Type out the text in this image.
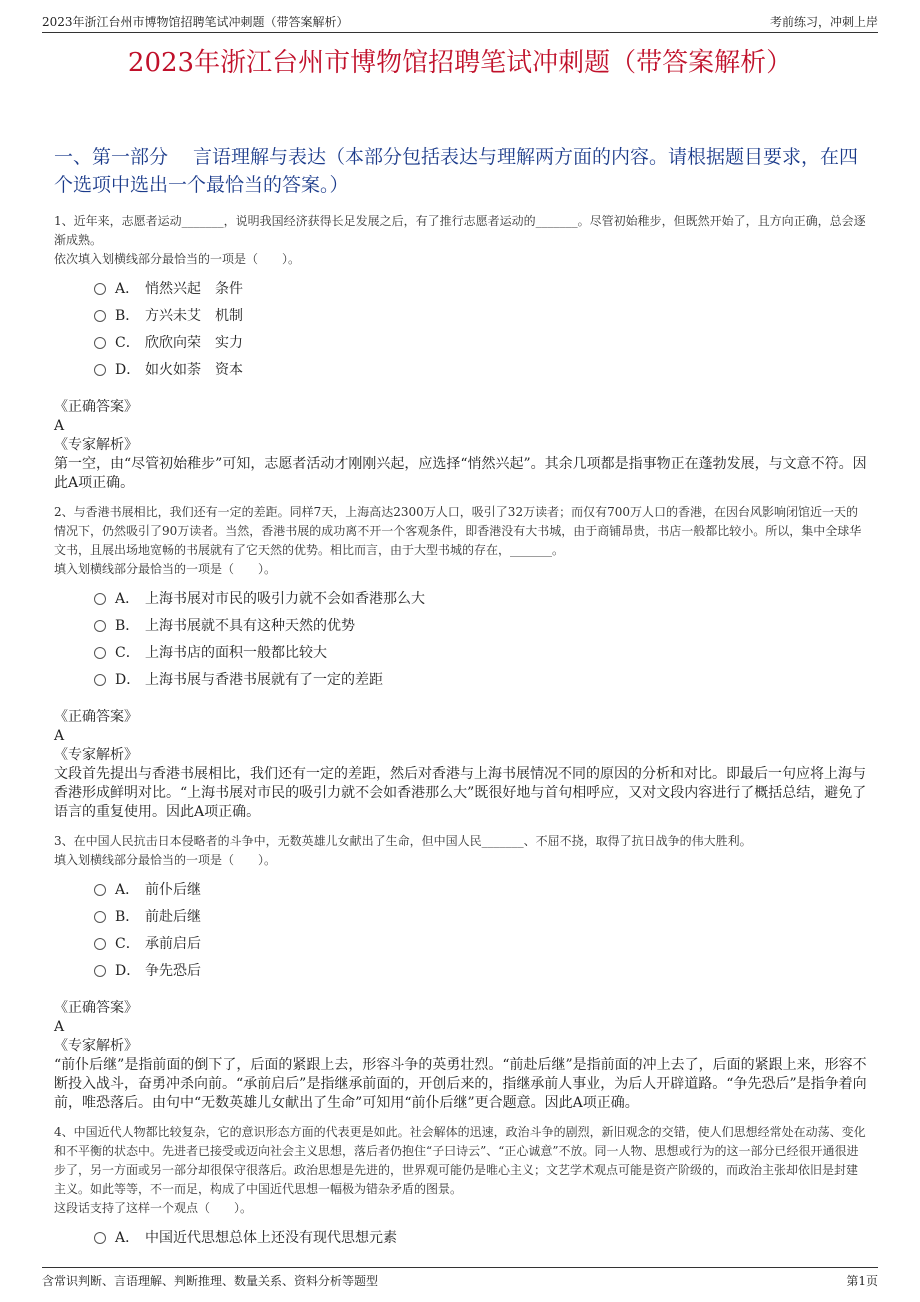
2023年浙江台州市博物馆招聘笔试冲刺题（带答案解析）	考前练习，冲刺上岸
2023年浙江台州市博物馆招聘笔试冲刺题（带答案解析）
一、第一部分　 言语理解与表达（本部分包括表达与理解两方面的内容。请根据题目要求，在四个选项中选出一个最恰当的答案。）
1、近年来，志愿者运动_______，说明我国经济获得长足发展之后，有了推行志愿者运动的_______。尽管初始稚步，但既然开始了，且方向正确，总会逐渐成熟。
依次填入划横线部分最恰当的一项是（　　）。
A． 悄然兴起　条件
B． 方兴未艾　机制
C． 欣欣向荣　实力
D． 如火如荼　资本
《正确答案》
A
《专家解析》
第一空，由“尽管初始稚步”可知，志愿者活动才刚刚兴起，应选择“悄然兴起”。其余几项都是指事物正在蓬勃发展，与文意不符。因此A项正确。
2、与香港书展相比，我们还有一定的差距。同样7天，上海高达2300万人口，吸引了32万读者；而仅有700万人口的香港，在因台风影响闭馆近一天的情况下，仍然吸引了90万读者。当然，香港书展的成功离不开一个客观条件，即香港没有大书城，由于商铺昂贵，书店一般都比较小。所以，集中全球华文书，且展出场地宽畅的书展就有了它天然的优势。相比而言，由于大型书城的存在，_______。
填入划横线部分最恰当的一项是（　　）。
A． 上海书展对市民的吸引力就不会如香港那么大
B． 上海书展就不具有这种天然的优势
C． 上海书店的面积一般都比较大
D． 上海书展与香港书展就有了一定的差距
《正确答案》
A
《专家解析》
文段首先提出与香港书展相比，我们还有一定的差距，然后对香港与上海书展情况不同的原因的分析和对比。即最后一句应将上海与香港形成鲜明对比。“上海书展对市民的吸引力就不会如香港那么大”既很好地与首句相呼应，又对文段内容进行了概括总结，避免了语言的重复使用。因此A项正确。
3、在中国人民抗击日本侵略者的斗争中，无数英雄儿女献出了生命，但中国人民_______、不屈不挠，取得了抗日战争的伟大胜利。
填入划横线部分最恰当的一项是（　　）。
A． 前仆后继
B． 前赴后继
C． 承前启后
D． 争先恐后
《正确答案》
A
《专家解析》
“前仆后继”是指前面的倒下了，后面的紧跟上去，形容斗争的英勇壮烈。“前赴后继”是指前面的冲上去了，后面的紧跟上来，形容不断投入战斗，奋勇冲杀向前。“承前启后”是指继承前面的，开创后来的，指继承前人事业，为后人开辟道路。“争先恐后”是指争着向前，唯恐落后。由句中“无数英雄儿女献出了生命”可知用“前仆后继”更合题意。因此A项正确。
4、中国近代人物都比较复杂，它的意识形态方面的代表更是如此。社会解体的迅速，政治斗争的剧烈，新旧观念的交错，使人们思想经常处在动荡、变化和不平衡的状态中。先进者已接受或迈向社会主义思想，落后者仍抱住“子曰诗云”、“正心诚意”不放。同一人物、思想或行为的这一部分已经很开通很进步了，另一方面或另一部分却很保守很落后。政治思想是先进的，世界观可能仍是唯心主义；文艺学术观点可能是资产阶级的，而政治主张却依旧是封建主义。如此等等，不一而足，构成了中国近代思想一幅极为错杂矛盾的图景。
这段话支持了这样一个观点（　　）。
A． 中国近代思想总体上还没有现代思想元素
含常识判断、言语理解、判断推理、数量关系、资料分析等题型	第1页
